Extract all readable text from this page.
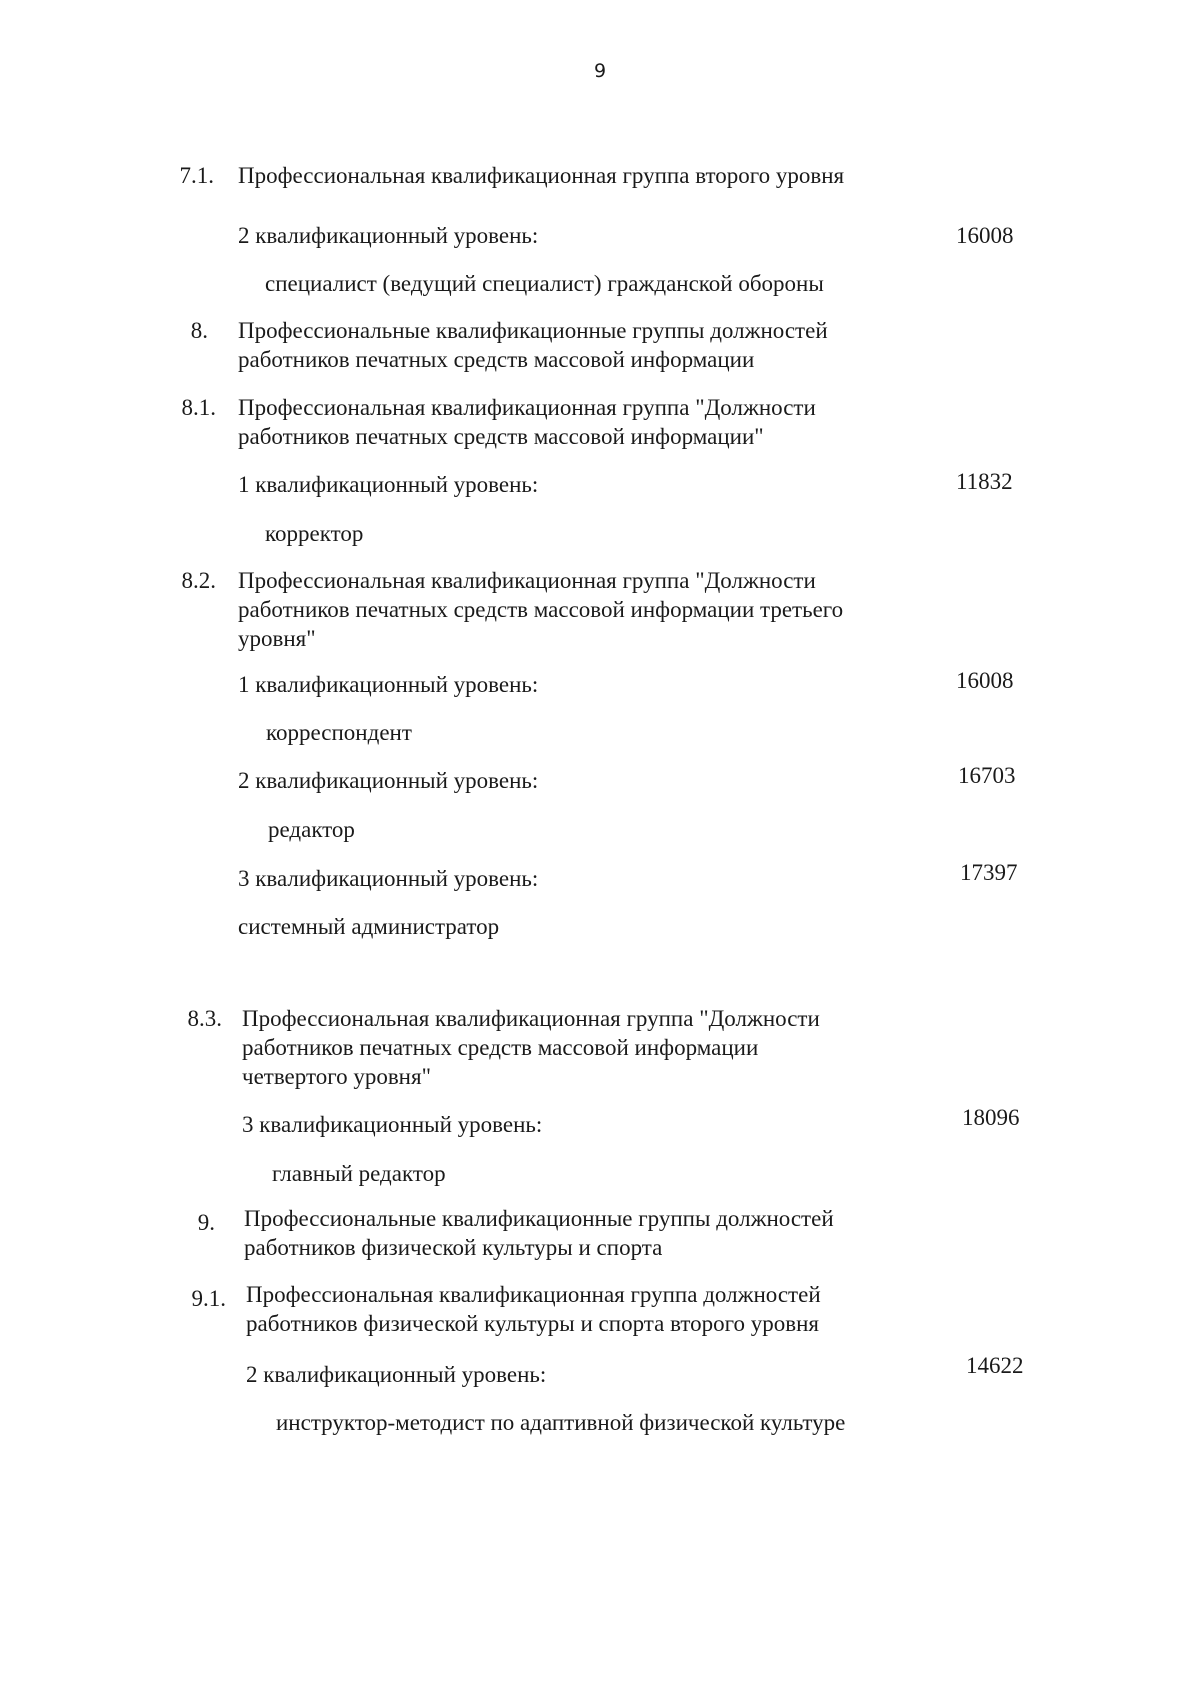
9
7.1. Профессиональная квалификационная группа второго уровня
2 квалификационный уровень:	16008
специалист (ведущий специалист) гражданской обороны
8. Профессиональные квалификационные группы должностей работников печатных средств массовой информации
8.1. Профессиональная квалификационная группа "Должности работников печатных средств массовой информации"
1 квалификационный уровень:	11832
корректор
8.2. Профессиональная квалификационная группа "Должности работников печатных средств массовой информации третьего уровня"
1 квалификационный уровень:	16008
корреспондент
2 квалификационный уровень:	16703
редактор
3 квалификационный уровень:	17397
системный администратор
8.3. Профессиональная квалификационная группа "Должности работников печатных средств массовой информации четвертого уровня"
3 квалификационный уровень:	18096
главный редактор
9. Профессиональные квалификационные группы должностей работников физической культуры и спорта
9.1. Профессиональная квалификационная группа должностей работников физической культуры и спорта второго уровня
2 квалификационный уровень:	14622
инструктор-методист по адаптивной физической культуре
